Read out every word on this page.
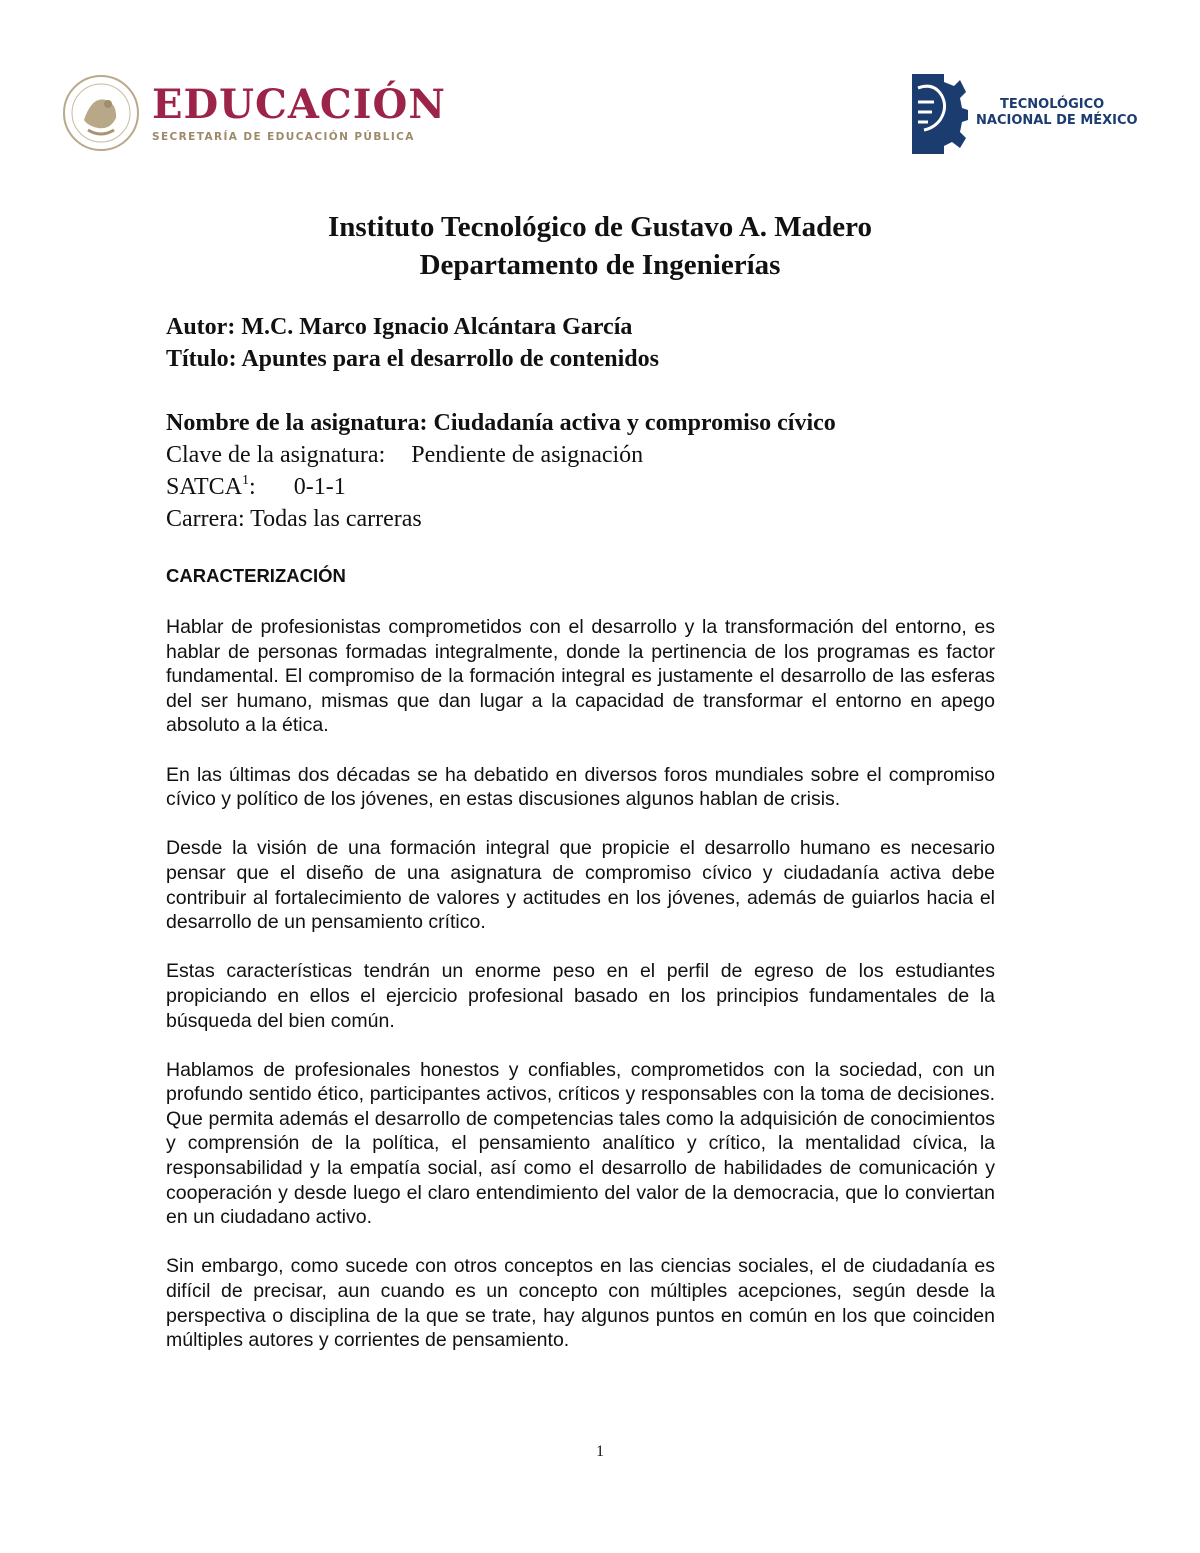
EDUCACIÓN
SECRETARÍA DE EDUCACIÓN PÚBLICA
TECNOLÓGICO
NACIONAL DE MÉXICO
Instituto Tecnológico de Gustavo A. Madero
Departamento de Ingenierías
Autor: M.C. Marco Ignacio Alcántara García
Título: Apuntes para el desarrollo de contenidos
Nombre de la asignatura: Ciudadanía activa y compromiso cívico
Clave de la asignatura: Pendiente de asignación
SATCA$^1$: 0-1-1
Carrera: Todas las carreras
CARACTERIZACIÓN

Hablar de profesionistas comprometidos con el desarrollo y la transformación del entorno, es hablar de personas formadas integralmente, donde la pertinencia de los programas es factor fundamental. El compromiso de la formación integral es justamente el desarrollo de las esferas del ser humano, mismas que dan lugar a la capacidad de transformar el entorno en apego absoluto a la ética.

En las últimas dos décadas se ha debatido en diversos foros mundiales sobre el compromiso cívico y político de los jóvenes, en estas discusiones algunos hablan de crisis.

Desde la visión de una formación integral que propicie el desarrollo humano es necesario pensar que el diseño de una asignatura de compromiso cívico y ciudadanía activa debe contribuir al fortalecimiento de valores y actitudes en los jóvenes, además de guiarlos hacia el desarrollo de un pensamiento crítico.

Estas características tendrán un enorme peso en el perfil de egreso de los estudiantes propiciando en ellos el ejercicio profesional basado en los principios fundamentales de la búsqueda del bien común.

Hablamos de profesionales honestos y confiables, comprometidos con la sociedad, con un profundo sentido ético, participantes activos, críticos y responsables con la toma de decisiones. Que permita además el desarrollo de competencias tales como la adquisición de conocimientos y comprensión de la política, el pensamiento analítico y crítico, la mentalidad cívica, la responsabilidad y la empatía social, así como el desarrollo de habilidades de comunicación y cooperación y desde luego el claro entendimiento del valor de la democracia, que lo conviertan en un ciudadano activo.

Sin embargo, como sucede con otros conceptos en las ciencias sociales, el de ciudadanía es difícil de precisar, aun cuando es un concepto con múltiples acepciones, según desde la perspectiva o disciplina de la que se trate, hay algunos puntos en común en los que coinciden múltiples autores y corrientes de pensamiento.

1
